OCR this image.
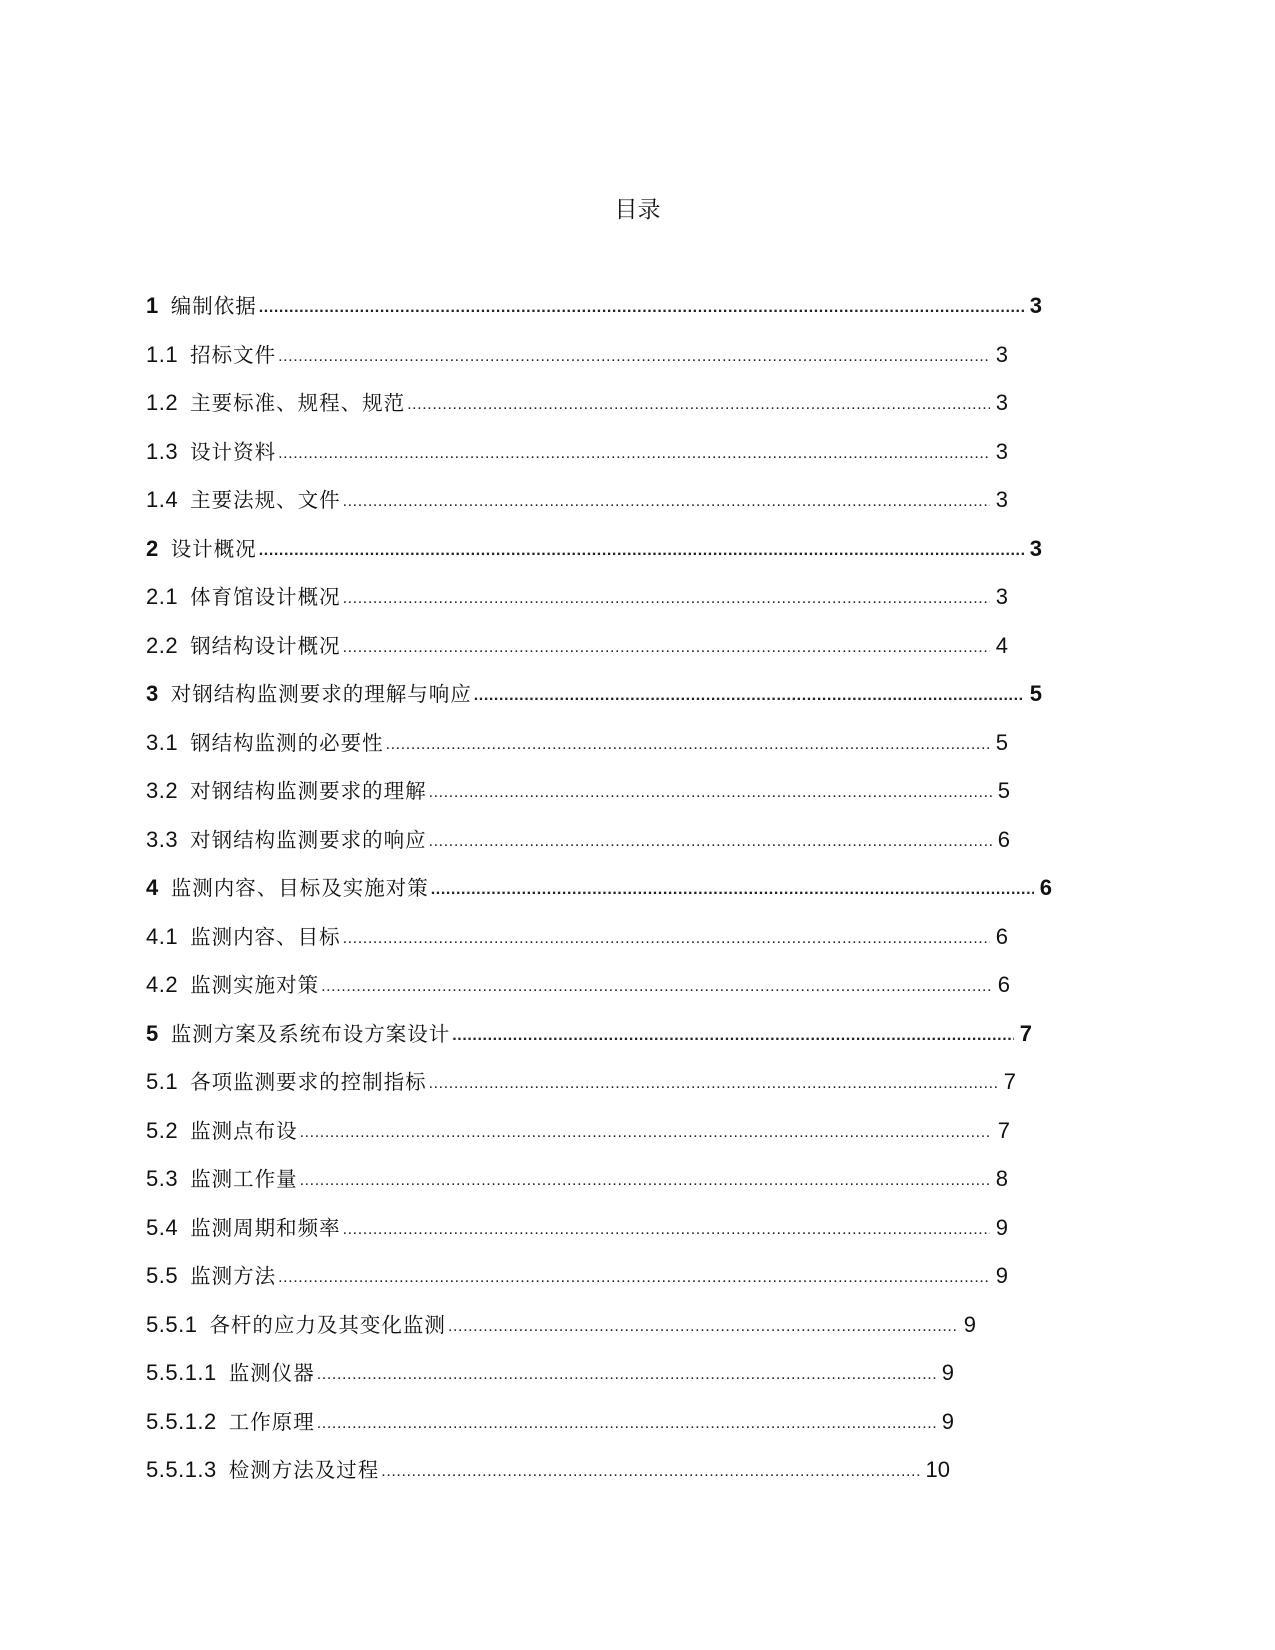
目录
1 编制依据 .....	3
1.1 招标文件 .....	3
1.2 主要标准、规程、规范 .....	3
1.3 设计资料 .....	3
1.4 主要法规、文件 .....	3
2 设计概况 .....	3
2.1 体育馆设计概况 .....	3
2.2 钢结构设计概况 .....	4
3 对钢结构监测要求的理解与响应 .....	5
3.1 钢结构监测的必要性 .....	5
3.2 对钢结构监测要求的理解 .....	5
3.3 对钢结构监测要求的响应 .....	6
4 监测内容、目标及实施对策 .....	6
4.1 监测内容、目标 .....	6
4.2 监测实施对策 .....	6
5 监测方案及系统布设方案设计 .....	7
5.1 各项监测要求的控制指标 .....	7
5.2 监测点布设 .....	7
5.3 监测工作量 .....	8
5.4 监测周期和频率 .....	9
5.5 监测方法 .....	9
5.5.1 各杆的应力及其变化监测 .....	9
5.5.1.1 监测仪器 .....	9
5.5.1.2 工作原理 .....	9
5.5.1.3 检测方法及过程 .....	10
